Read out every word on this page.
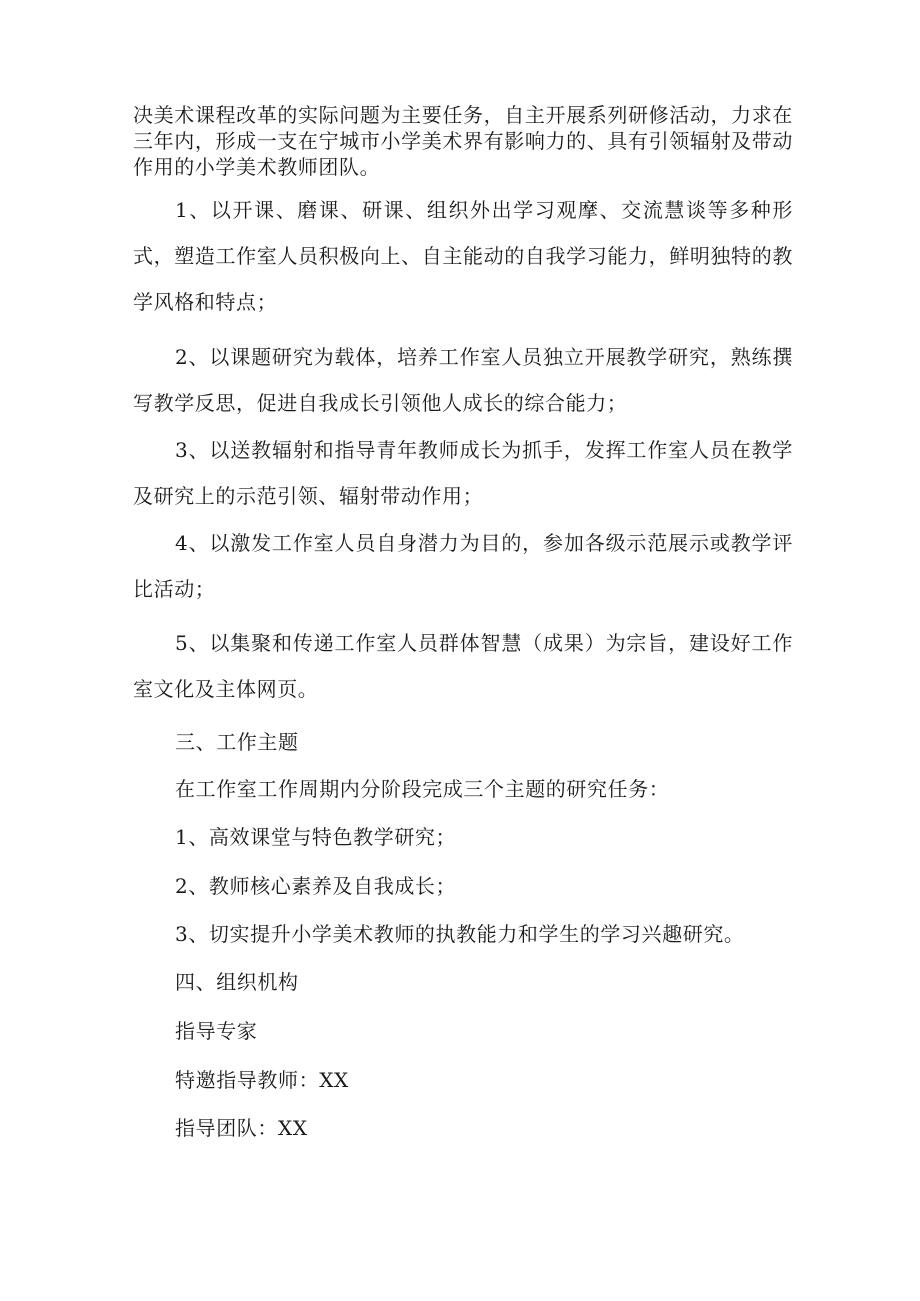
决美术课程改革的实际问题为主要任务，自主开展系列研修活动，力求在三年内，形成一支在宁城市小学美术界有影响力的、具有引领辐射及带动作用的小学美术教师团队。

1、以开课、磨课、研课、组织外出学习观摩、交流慧谈等多种形式，塑造工作室人员积极向上、自主能动的自我学习能力，鲜明独特的教学风格和特点；

2、以课题研究为载体，培养工作室人员独立开展教学研究，熟练撰写教学反思，促进自我成长引领他人成长的综合能力；

3、以送教辐射和指导青年教师成长为抓手，发挥工作室人员在教学及研究上的示范引领、辐射带动作用；

4、以激发工作室人员自身潜力为目的，参加各级示范展示或教学评比活动；

5、以集聚和传递工作室人员群体智慧（成果）为宗旨，建设好工作室文化及主体网页。

三、工作主题

在工作室工作周期内分阶段完成三个主题的研究任务：

1、高效课堂与特色教学研究；

2、教师核心素养及自我成长；

3、切实提升小学美术教师的执教能力和学生的学习兴趣研究。

四、组织机构

指导专家

特邀指导教师：XX

指导团队：XX
